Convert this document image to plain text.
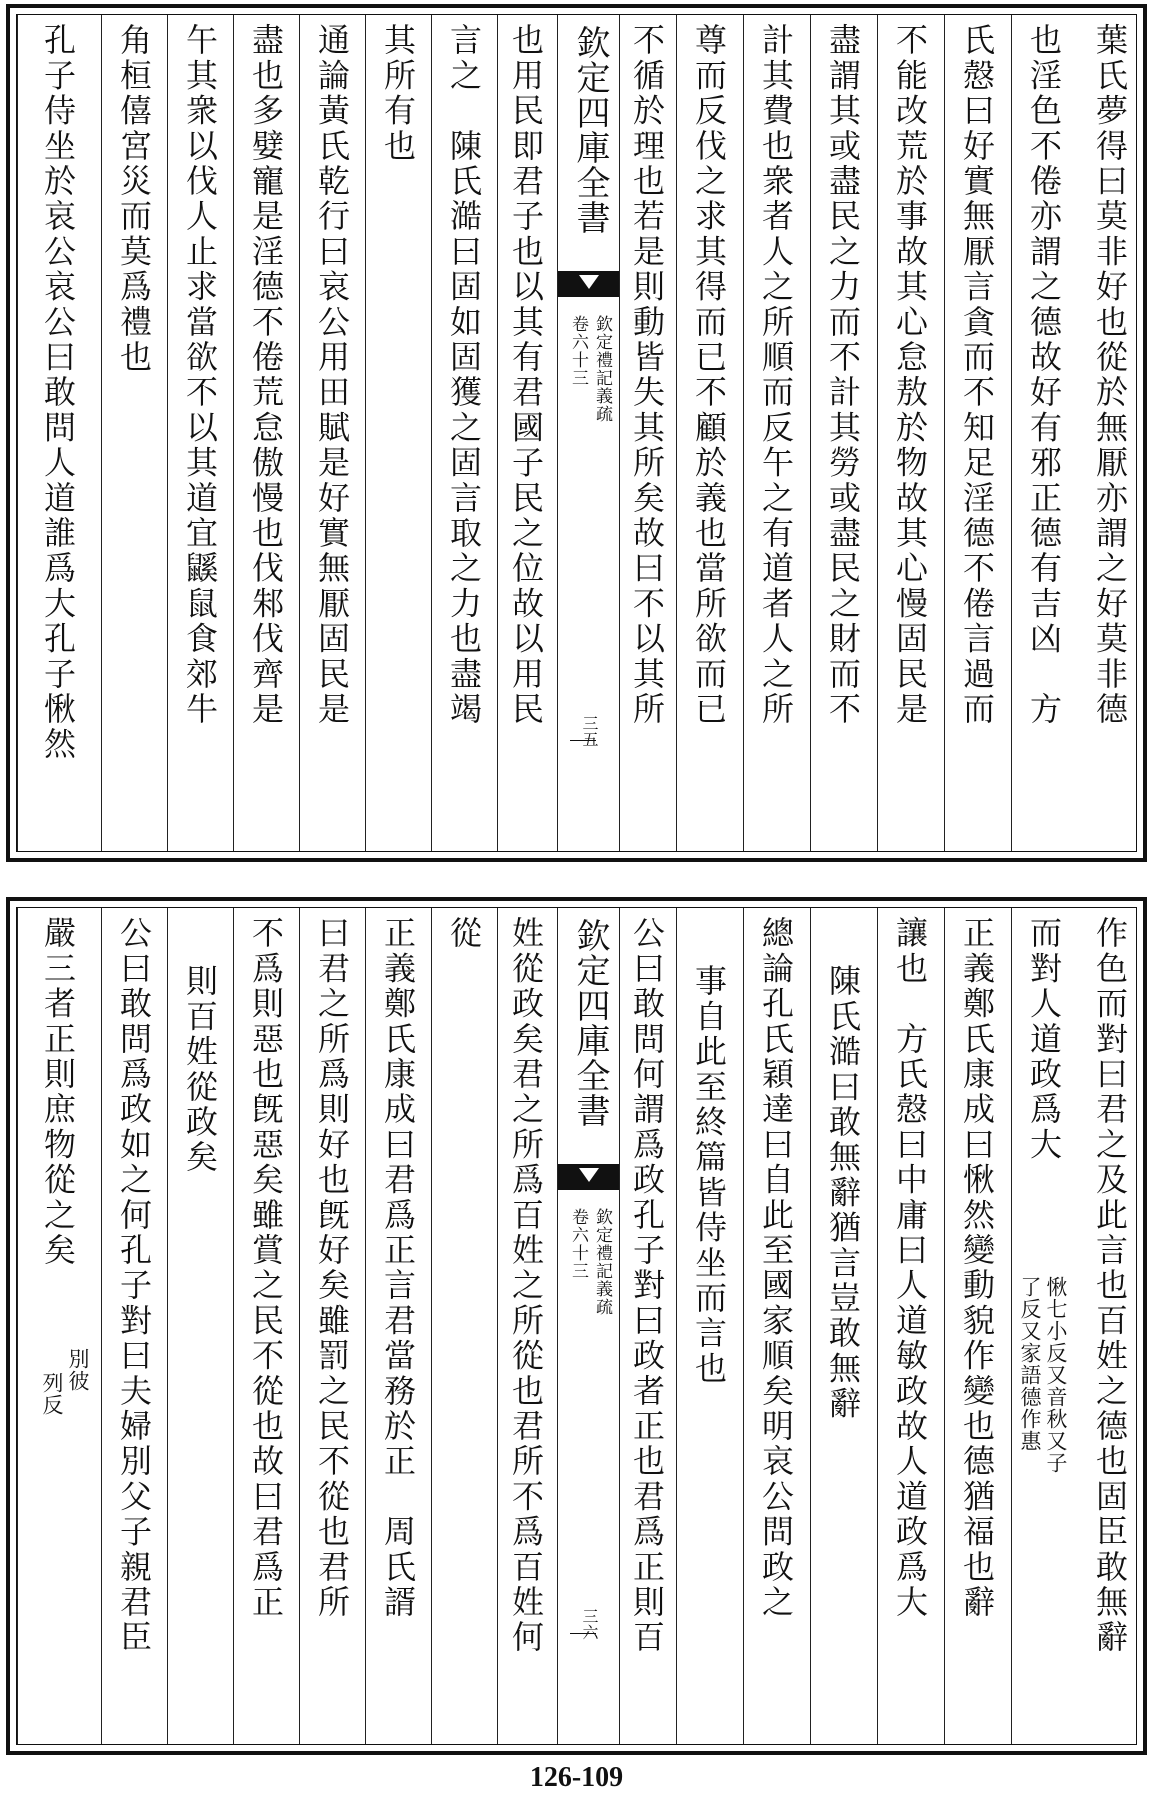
葉氏夢得曰莫非好也從於無厭亦謂之好莫非德
也淫色不倦亦謂之德故好有邪正德有吉凶　方
氏慤曰好實無厭言貪而不知足淫德不倦言過而
不能改荒於事故其心怠敖於物故其心慢固民是
盡謂其或盡民之力而不計其勞或盡民之財而不
計其費也衆者人之所順而反午之有道者人之所
尊而反伐之求其得而已不顧於義也當所欲而已
不循於理也若是則動皆失其所矣故曰不以其所
欽定四庫全書
欽定禮記義疏
卷六十三
三五
也用民即君子也以其有君國子民之位故以用民
言之　陳氏澔曰固如固獲之固言取之力也盡竭
其所有也
通論黃氏乾行曰哀公用田賦是好實無厭固民是
盡也多嬖寵是淫德不倦荒怠傲慢也伐邾伐齊是
午其衆以伐人止求當欲不以其道宜鼷鼠食郊牛
角桓僖宮災而莫爲禮也
孔子侍坐於哀公哀公曰敢問人道誰爲大孔子愀然
作色而對曰君之及此言也百姓之德也固臣敢無辭
而對人道政爲大
愀七小反又音秋又子
了反又家語德作惠
正義鄭氏康成曰愀然變動貌作變也德猶福也辭
讓也　方氏慤曰中庸曰人道敏政故人道政爲大
陳氏澔曰敢無辭猶言豈敢無辭
總論孔氏穎達曰自此至國家順矣明哀公問政之
事自此至終篇皆侍坐而言也
公曰敢問何謂爲政孔子對曰政者正也君爲正則百
欽定四庫全書
欽定禮記義疏
卷六十三
三六
姓從政矣君之所爲百姓之所從也君所不爲百姓何
從
正義鄭氏康成曰君爲正言君當務於正　周氏諝
曰君之所爲則好也旣好矣雖罰之民不從也君所
不爲則惡也旣惡矣雖賞之民不從也故曰君爲正
則百姓從政矣
公曰敢問爲政如之何孔子對曰夫婦別父子親君臣
嚴三者正則庶物從之矣
別彼
列反
126-109
